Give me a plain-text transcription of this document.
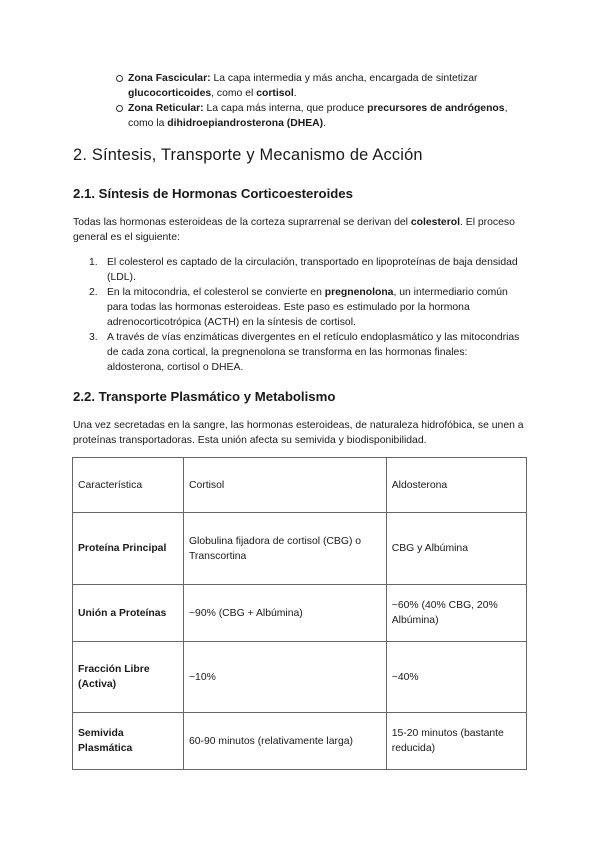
Zona Fascicular: La capa intermedia y más ancha, encargada de sintetizar glucocorticoides, como el cortisol.
Zona Reticular: La capa más interna, que produce precursores de andrógenos, como la dihidroepiandrosterona (DHEA).
2. Síntesis, Transporte y Mecanismo de Acción
2.1. Síntesis de Hormonas Corticoesteroides

Todas las hormonas esteroideas de la corteza suprarrenal se derivan del colesterol. El proceso general es el siguiente:

1. El colesterol es captado de la circulación, transportado en lipoproteínas de baja densidad (LDL).
2. En la mitocondria, el colesterol se convierte en pregnenolona, un intermediario común para todas las hormonas esteroideas. Este paso es estimulado por la hormona adrenocorticotrópica (ACTH) en la síntesis de cortisol.
3. A través de vías enzimáticas divergentes en el retículo endoplasmático y las mitocondrias de cada zona cortical, la pregnenolona se transforma en las hormonas finales: aldosterona, cortisol o DHEA.
2.2. Transporte Plasmático y Metabolismo

Una vez secretadas en la sangre, las hormonas esteroideas, de naturaleza hidrofóbica, se unen a proteínas transportadoras. Esta unión afecta su semivida y biodisponibilidad.

Característica	Cortisol	Aldosterona
Proteína Principal	Globulina fijadora de cortisol (CBG) o Transcortina	CBG y Albúmina
Unión a Proteínas	~90% (CBG + Albúmina)	~60% (40% CBG, 20% Albúmina)
Fracción Libre (Activa)	~10%	~40%
Semivida Plasmática	60-90 minutos (relativamente larga)	15-20 minutos (bastante reducida)
